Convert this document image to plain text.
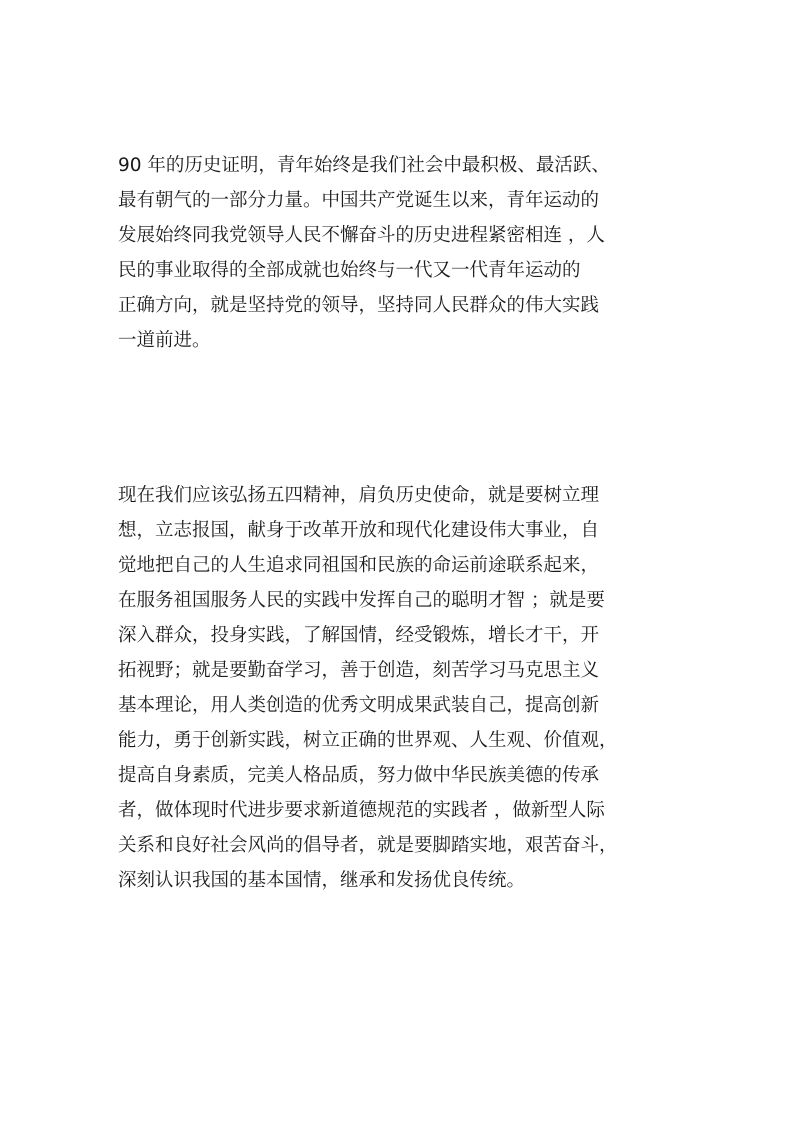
90 年的历史证明，青年始终是我们社会中最积极、最活跃、
最有朝气的一部分力量。中国共产党诞生以来，青年运动的
发展始终同我党领导人民不懈奋斗的历史进程紧密相连 ，人
民的事业取得的全部成就也始终与一代又一代青年运动的
正确方向，就是坚持党的领导，坚持同人民群众的伟大实践
一道前进。
现在我们应该弘扬五四精神，肩负历史使命，就是要树立理
想，立志报国，献身于改革开放和现代化建设伟大事业，自
觉地把自己的人生追求同祖国和民族的命运前途联系起来，
在服务祖国服务人民的实践中发挥自己的聪明才智 ；就是要
深入群众，投身实践，了解国情，经受锻炼，增长才干，开
拓视野；就是要勤奋学习，善于创造，刻苦学习马克思主义
基本理论，用人类创造的优秀文明成果武装自己，提高创新
能力，勇于创新实践，树立正确的世界观、人生观、价值观，
提高自身素质，完美人格品质，努力做中华民族美德的传承
者，做体现时代进步要求新道德规范的实践者 ，做新型人际
关系和良好社会风尚的倡导者，就是要脚踏实地，艰苦奋斗，
深刻认识我国的基本国情，继承和发扬优良传统。
